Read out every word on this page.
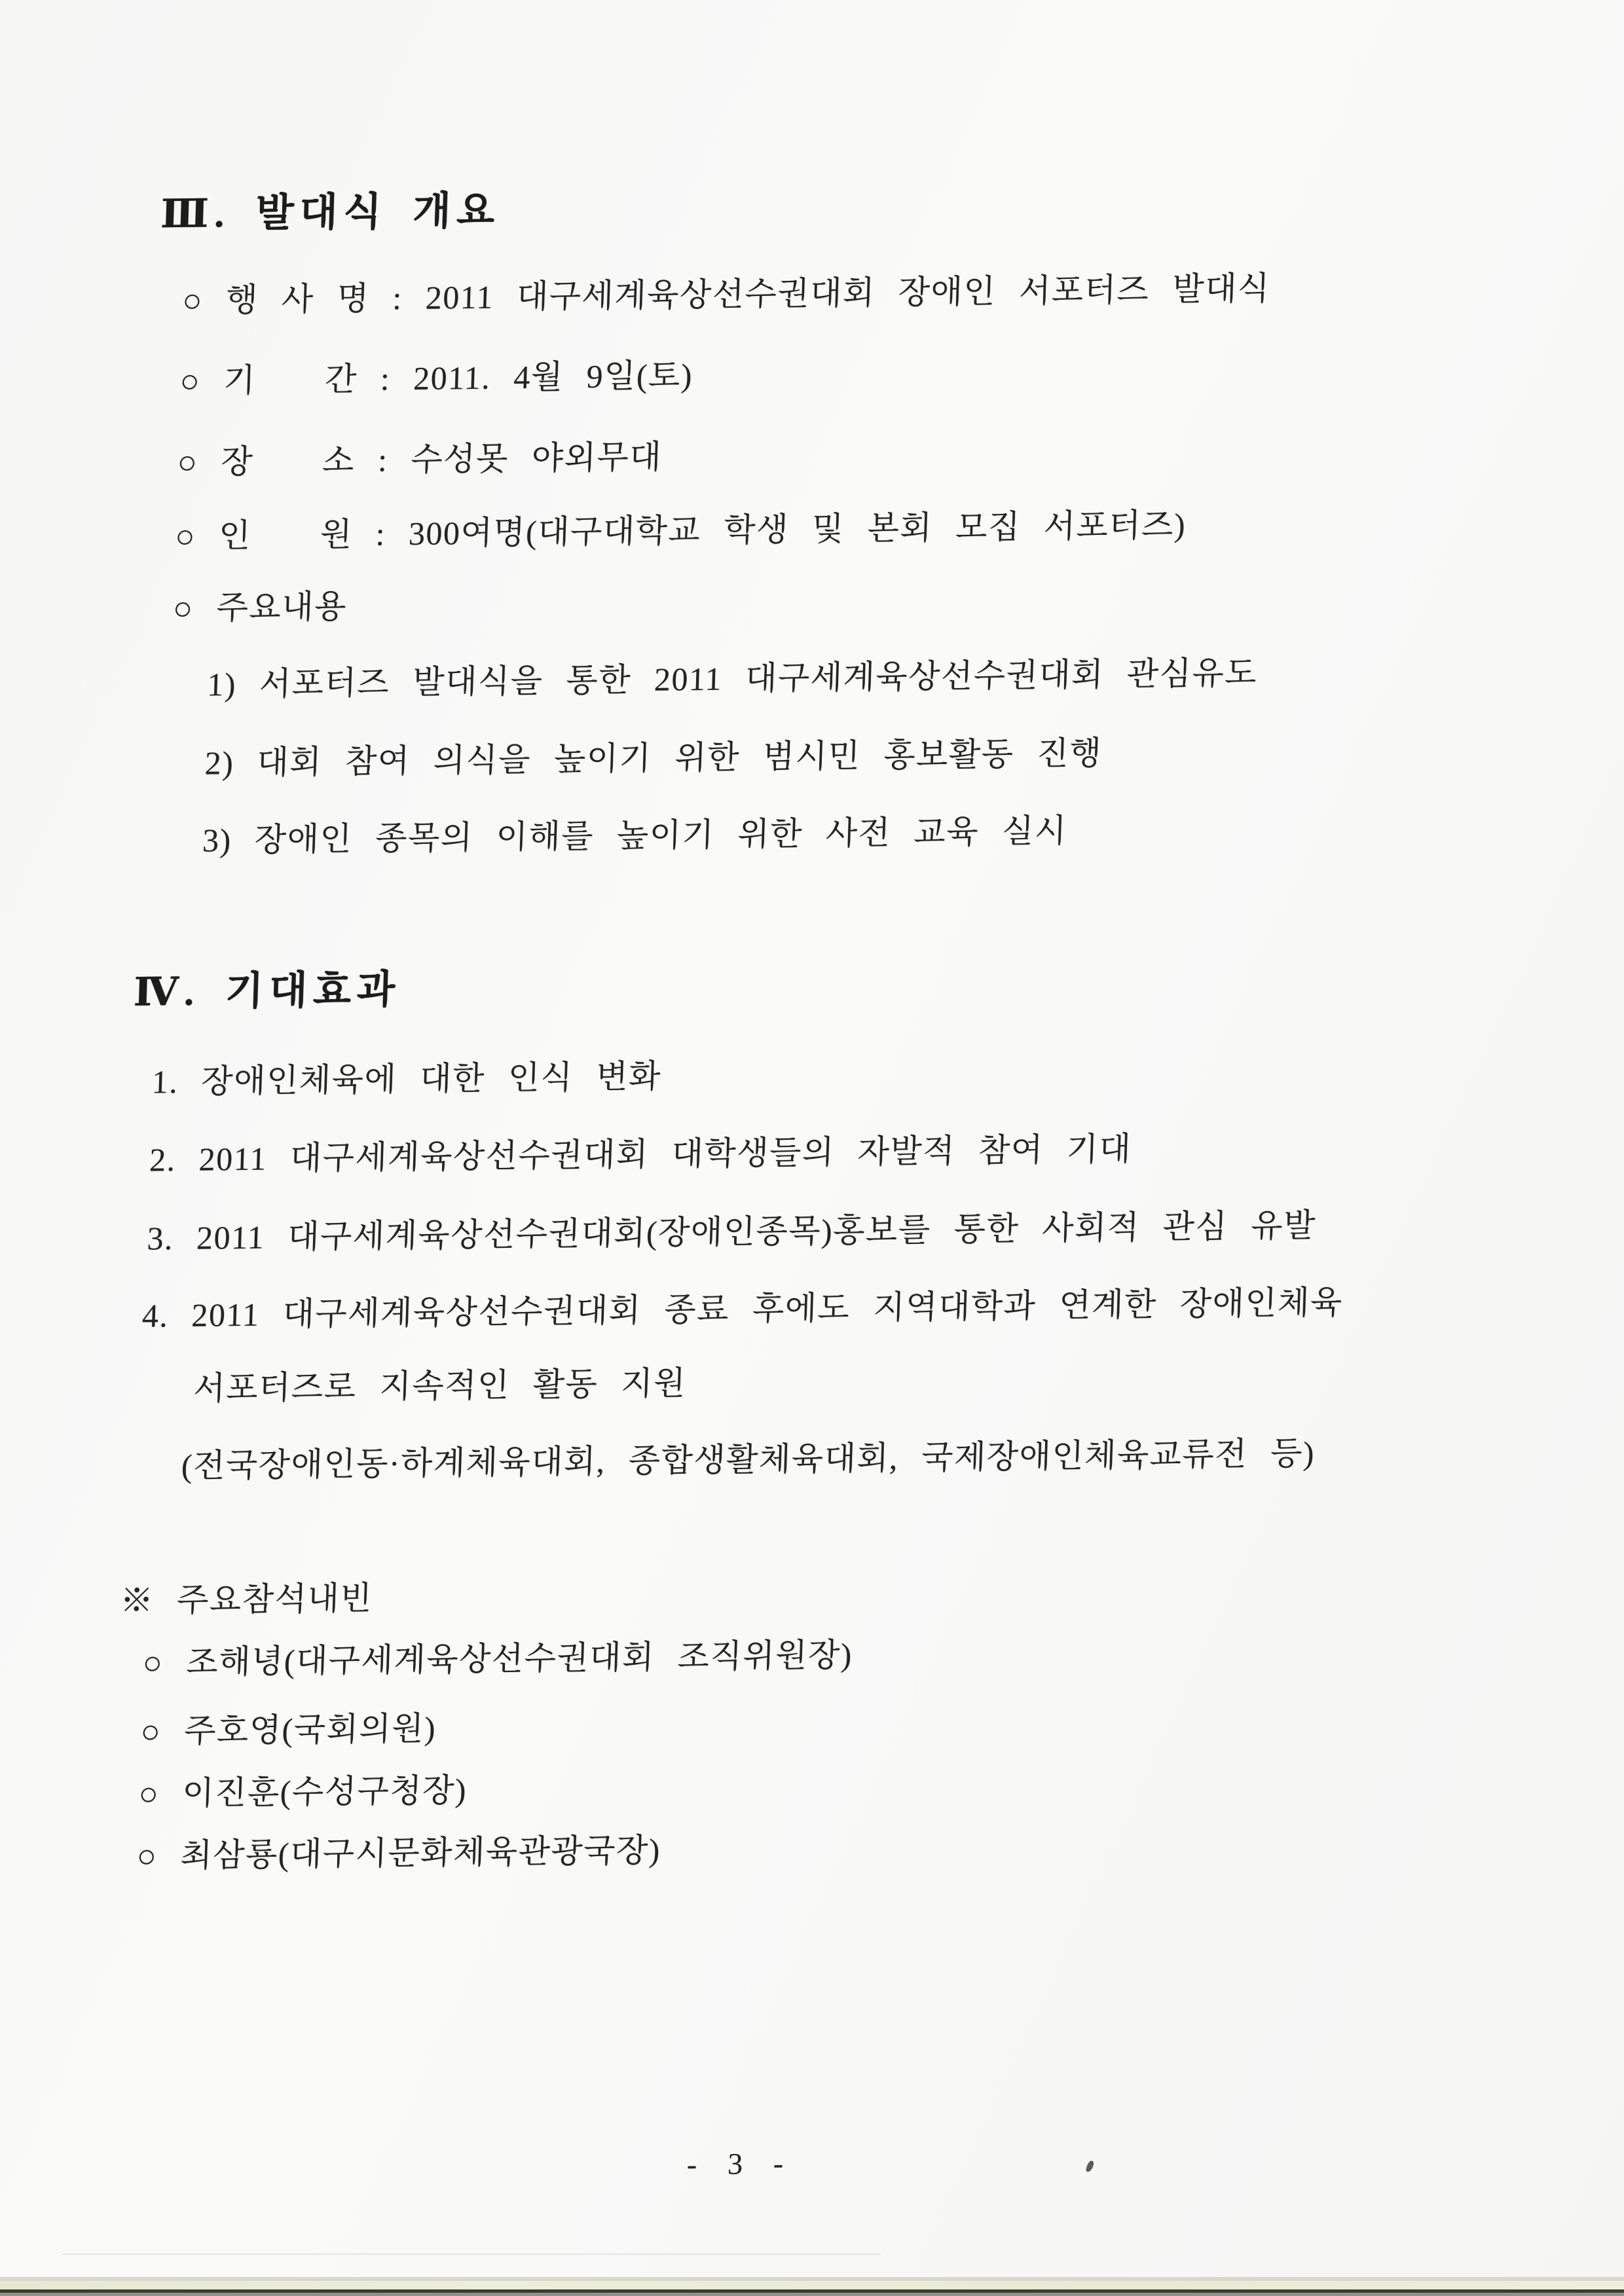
Ⅲ. 발대식 개요
○ 행 사 명 : 2011 대구세계육상선수권대회 장애인 서포터즈 발대식
○ 기   간 : 2011. 4월 9일(토)
○ 장   소 : 수성못 야외무대
○ 인   원 : 300여명(대구대학교 학생 및 본회 모집 서포터즈)
○ 주요내용
1) 서포터즈 발대식을 통한 2011 대구세계육상선수권대회 관심유도
2) 대회 참여 의식을 높이기 위한 범시민 홍보활동 진행
3) 장애인 종목의 이해를 높이기 위한 사전 교육 실시
Ⅳ. 기대효과
1. 장애인체육에 대한 인식 변화
2. 2011 대구세계육상선수권대회 대학생들의 자발적 참여 기대
3. 2011 대구세계육상선수권대회(장애인종목)홍보를 통한 사회적 관심 유발
4. 2011 대구세계육상선수권대회 종료 후에도 지역대학과 연계한 장애인체육
서포터즈로 지속적인 활동 지원
(전국장애인동·하계체육대회, 종합생활체육대회, 국제장애인체육교류전 등)
※ 주요참석내빈
○ 조해녕(대구세계육상선수권대회 조직위원장)
○ 주호영(국회의원)
○ 이진훈(수성구청장)
○ 최삼룡(대구시문화체육관광국장)
- 3 -
